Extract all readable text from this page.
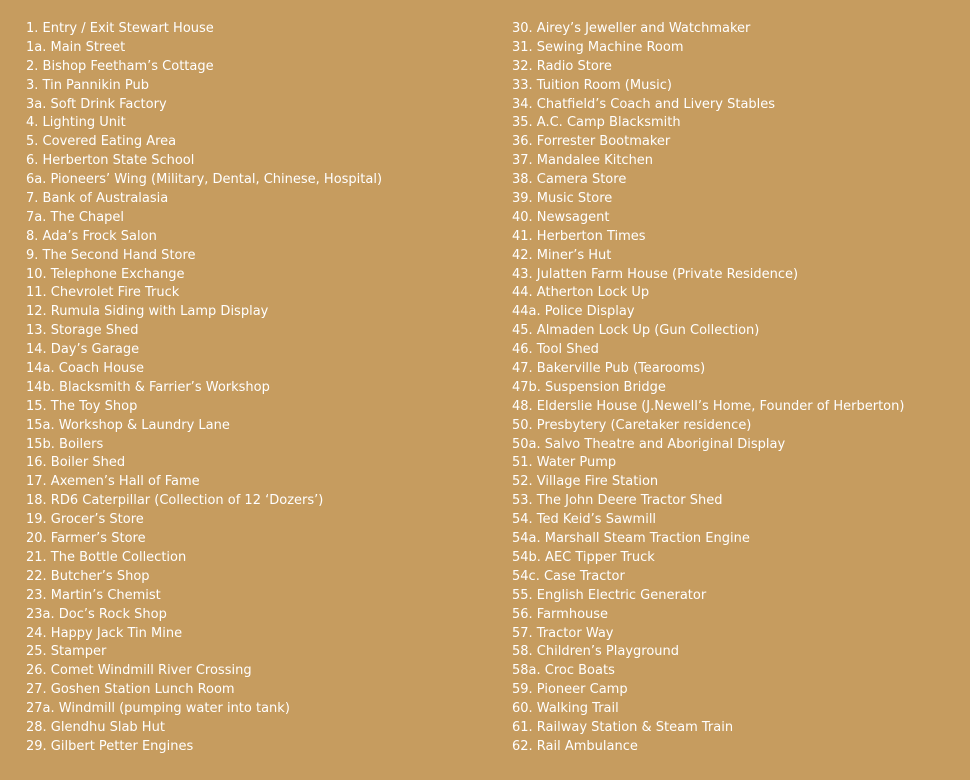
1. Entry / Exit Stewart House
1a. Main Street
2. Bishop Feetham’s Cottage
3. Tin Pannikin Pub
3a. Soft Drink Factory
4. Lighting Unit
5. Covered Eating Area
6. Herberton State School
6a. Pioneers’ Wing (Military, Dental, Chinese, Hospital)
7. Bank of Australasia
7a. The Chapel
8. Ada’s Frock Salon
9. The Second Hand Store
10. Telephone Exchange
11. Chevrolet Fire Truck
12. Rumula Siding with Lamp Display
13. Storage Shed
14. Day’s Garage
14a. Coach House
14b. Blacksmith & Farrier’s Workshop
15. The Toy Shop
15a. Workshop & Laundry Lane
15b. Boilers
16. Boiler Shed
17. Axemen’s Hall of Fame
18. RD6 Caterpillar (Collection of 12 ‘Dozers’)
19. Grocer’s Store
20. Farmer’s Store
21. The Bottle Collection
22. Butcher’s Shop
23. Martin’s Chemist
23a. Doc’s Rock Shop
24. Happy Jack Tin Mine
25. Stamper
26. Comet Windmill River Crossing
27. Goshen Station Lunch Room
27a. Windmill (pumping water into tank)
28. Glendhu Slab Hut
29. Gilbert Petter Engines
30. Airey’s Jeweller and Watchmaker
31. Sewing Machine Room
32. Radio Store
33. Tuition Room (Music)
34. Chatfield’s Coach and Livery Stables
35. A.C. Camp Blacksmith
36. Forrester Bootmaker
37. Mandalee Kitchen
38. Camera Store
39. Music Store
40. Newsagent
41. Herberton Times
42. Miner’s Hut
43. Julatten Farm House (Private Residence)
44. Atherton Lock Up
44a. Police Display
45. Almaden Lock Up (Gun Collection)
46. Tool Shed
47. Bakerville Pub (Tearooms)
47b. Suspension Bridge
48. Elderslie House (J.Newell’s Home, Founder of Herberton)
50. Presbytery (Caretaker residence)
50a. Salvo Theatre and Aboriginal Display
51. Water Pump
52. Village Fire Station
53. The John Deere Tractor Shed
54. Ted Keid’s Sawmill
54a. Marshall Steam Traction Engine
54b. AEC Tipper Truck
54c. Case Tractor
55. English Electric Generator
56. Farmhouse
57. Tractor Way
58. Children’s Playground
58a. Croc Boats
59. Pioneer Camp
60. Walking Trail
61. Railway Station & Steam Train
62. Rail Ambulance
